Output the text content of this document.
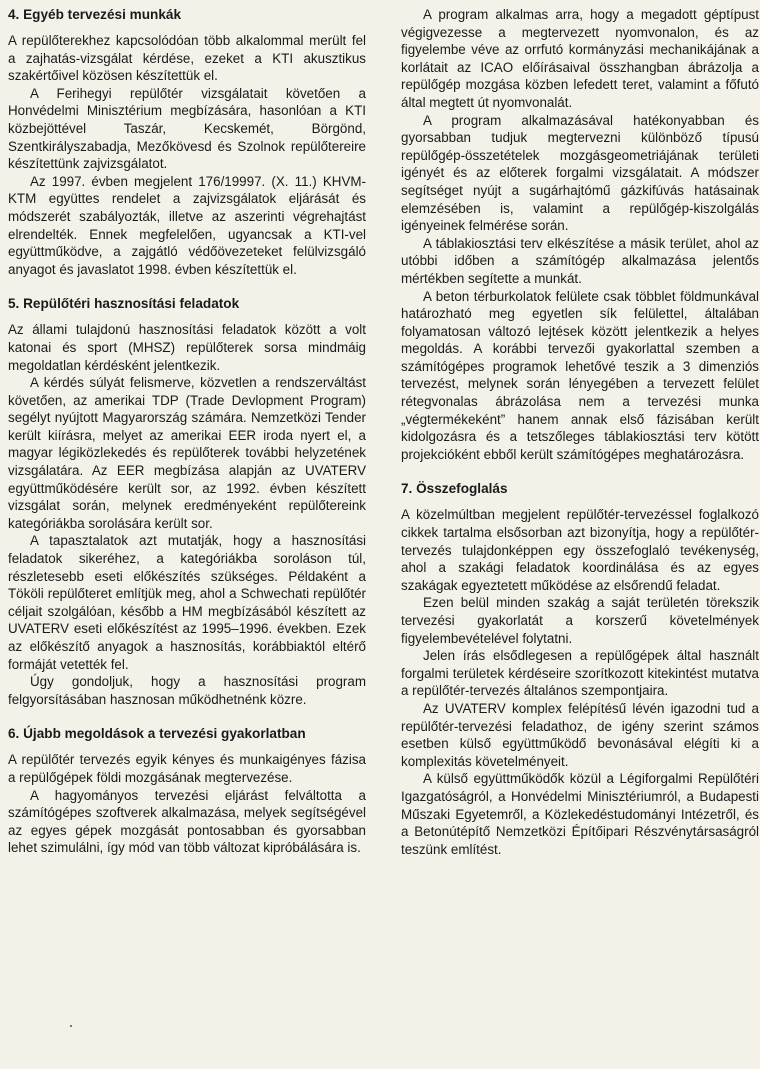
4. Egyéb tervezési munkák

A repülőterekhez kapcsolódóan több alkalommal merült fel a zajhatás-vizsgálat kérdése, ezeket a KTI akusztikus szakértőivel közösen készítettük el.

A Ferihegyi repülőtér vizsgálatait követően a Honvédelmi Minisztérium megbízására, hasonlóan a KTI közbejöttével Taszár, Kecskemét, Börgönd, Szentkirályszabadja, Mezőkövesd és Szolnok repülőtereire készítettünk zajvizsgálatot.

Az 1997. évben megjelent 176/19997. (X. 11.) KHVM-KTM együttes rendelet a zajvizsgálatok eljárását és módszerét szabályozták, illetve az aszerinti végrehajtást elrendelték. Ennek megfelelően, ugyancsak a KTI-vel együttműködve, a zajgátló védőövezeteket felülvizsgáló anyagot és javaslatot 1998. évben készítettük el.

5. Repülőtéri hasznosítási feladatok

Az állami tulajdonú hasznosítási feladatok között a volt katonai és sport (MHSZ) repülőterek sorsa mindmáig megoldatlan kérdésként jelentkezik.

A kérdés súlyát felismerve, közvetlen a rendszerváltást követően, az amerikai TDP (Trade Devlopment Program) segélyt nyújtott Magyarország számára. Nemzetközi Tender került kiírásra, melyet az amerikai EER iroda nyert el, a magyar légiközlekedés és repülőterek további helyzetének vizsgálatára. Az EER megbízása alapján az UVATERV együttműködésére került sor, az 1992. évben készített vizsgálat során, melynek eredményeként repülőtereink kategóriákba sorolására került sor.

A tapasztalatok azt mutatják, hogy a hasznosítási feladatok sikeréhez, a kategóriákba soroláson túl, részletesebb eseti előkészítés szükséges. Példaként a Tököli repülőteret említjük meg, ahol a Schwechati repülőtér céljait szolgálóan, később a HM megbízásából készített az UVATERV eseti előkészítést az 1995–1996. években. Ezek az előkészítő anyagok a hasznosítás, korábbiaktól eltérő formáját vetették fel.

Úgy gondoljuk, hogy a hasznosítási program felgyorsításában hasznosan működhetnénk közre.

6. Újabb megoldások a tervezési gyakorlatban

A repülőtér tervezés egyik kényes és munkaigényes fázisa a repülőgépek földi mozgásának megtervezése.

A hagyományos tervezési eljárást felváltotta a számítógépes szoftverek alkalmazása, melyek segítségével az egyes gépek mozgását pontosabban és gyorsabban lehet szimulálni, így mód van több változat kipróbálására is.

A program alkalmas arra, hogy a megadott géptípust végigvezesse a megtervezett nyomvonalon, és az figyelembe véve az orrfutó kormányzási mechanikájának a korlátait az ICAO előírásaival összhangban ábrázolja a repülőgép mozgása közben lefedett teret, valamint a főfutó által megtett út nyomvonalát.

A program alkalmazásával hatékonyabban és gyorsabban tudjuk megtervezni különböző típusú repülőgép-összetételek mozgásgeometriájának területi igényét és az előterek forgalmi vizsgálatait. A módszer segítséget nyújt a sugárhajtómű gázkifúvás hatásainak elemzésében is, valamint a repülőgép-kiszolgálás igényeinek felmérése során.

A táblakiosztási terv elkészítése a másik terület, ahol az utóbbi időben a számítógép alkalmazása jelentős mértékben segítette a munkát.

A beton térburkolatok felülete csak többlet földmunkával határozható meg egyetlen sík felülettel, általában folyamatosan változó lejtések között jelentkezik a helyes megoldás. A korábbi tervezői gyakorlattal szemben a számítógépes programok lehetővé teszik a 3 dimenziós tervezést, melynek során lényegében a tervezett felület rétegvonalas ábrázolása nem a tervezési munka „végtermékeként” hanem annak első fázisában került kidolgozásra és a tetszőleges táblakiosztási terv kötött projekcióként ebből került számítógépes meghatározásra.

7. Összefoglalás

A közelmúltban megjelent repülőtér-tervezéssel foglalkozó cikkek tartalma elsősorban azt bizonyítja, hogy a repülőtér-tervezés tulajdonképpen egy összefoglaló tevékenység, ahol a szakági feladatok koordinálása és az egyes szakágak egyeztetett működése az elsőrendű feladat.

Ezen belül minden szakág a saját területén törekszik tervezési gyakorlatát a korszerű követelmények figyelembevételével folytatni.

Jelen írás elsődlegesen a repülőgépek által használt forgalmi területek kérdéseire szorítkozott kitekintést mutatva a repülőtér-tervezés általános szempontjaira.

Az UVATERV komplex felépítésű lévén igazodni tud a repülőtér-tervezési feladathoz, de igény szerint számos esetben külső együttműködő bevonásával elégíti ki a komplexitás követelményeit.

A külső együttműködők közül a Légiforgalmi Repülőtéri Igazgatóságról, a Honvédelmi Minisztériumról, a Budapesti Műszaki Egyetemről, a Közlekedéstudományi Intézetről, és a Betonútépítő Nemzetközi Építőipari Részvénytársaságról teszünk említést.
